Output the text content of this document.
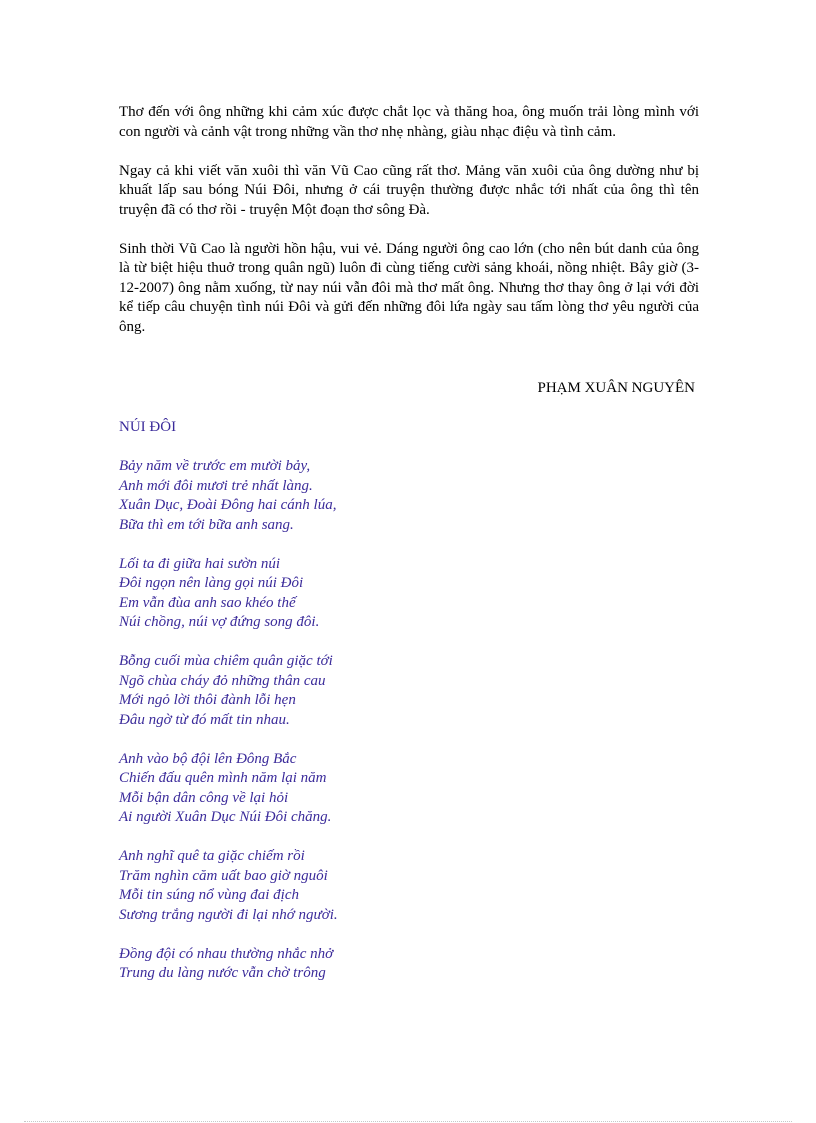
Thơ đến với ông những khi cảm xúc được chắt lọc và thăng hoa, ông muốn trải lòng mình với con người và cảnh vật trong những vần thơ nhẹ nhàng, giàu nhạc điệu và tình cảm.

Ngay cả khi viết văn xuôi thì văn Vũ Cao cũng rất thơ. Mảng văn xuôi của ông dường như bị khuất lấp sau bóng Núi Đôi, nhưng ở cái truyện thường được nhắc tới nhất của ông thì tên truyện đã có thơ rồi - truyện Một đoạn thơ sông Đà.

Sinh thời Vũ Cao là người hồn hậu, vui vẻ. Dáng người ông cao lớn (cho nên bút danh của ông là từ biệt hiệu thuở trong quân ngũ) luôn đi cùng tiếng cười sảng khoái, nồng nhiệt. Bây giờ (3-12-2007) ông nằm xuống, từ nay núi vẫn đôi mà thơ mất ông. Nhưng thơ thay ông ở lại với đời kể tiếp câu chuyện tình núi Đôi và gửi đến những đôi lứa ngày sau tấm lòng thơ yêu người của ông.

PHẠM XUÂN NGUYÊN
NÚI ĐÔI
Bảy năm về trước em mười bảy,
Anh mới đôi mươi trẻ nhất làng.
Xuân Dục, Đoài Đông hai cánh lúa,
Bữa thì em tới bữa anh sang.
Lối ta đi giữa hai sườn núi
Đôi ngọn nên làng gọi núi Đôi
Em vẫn đùa anh sao khéo thế
Núi chồng, núi vợ đứng song đôi.
Bỗng cuối mùa chiêm quân giặc tới
Ngõ chùa cháy đỏ những thân cau
Mới ngỏ lời thôi đành lỗi hẹn
Đâu ngờ từ đó mất tin nhau.
Anh vào bộ đội lên Đông Bắc
Chiến đấu quên mình năm lại năm
Mỗi bận dân công về lại hỏi
Ai người Xuân Dục Núi Đôi chăng.
Anh nghĩ quê ta giặc chiếm rồi
Trăm nghìn căm uất bao giờ nguôi
Mỗi tin súng nổ vùng đai địch
Sương trắng người đi lại nhớ người.
Đồng đội có nhau thường nhắc nhở
Trung du làng nước vẫn chờ trông
